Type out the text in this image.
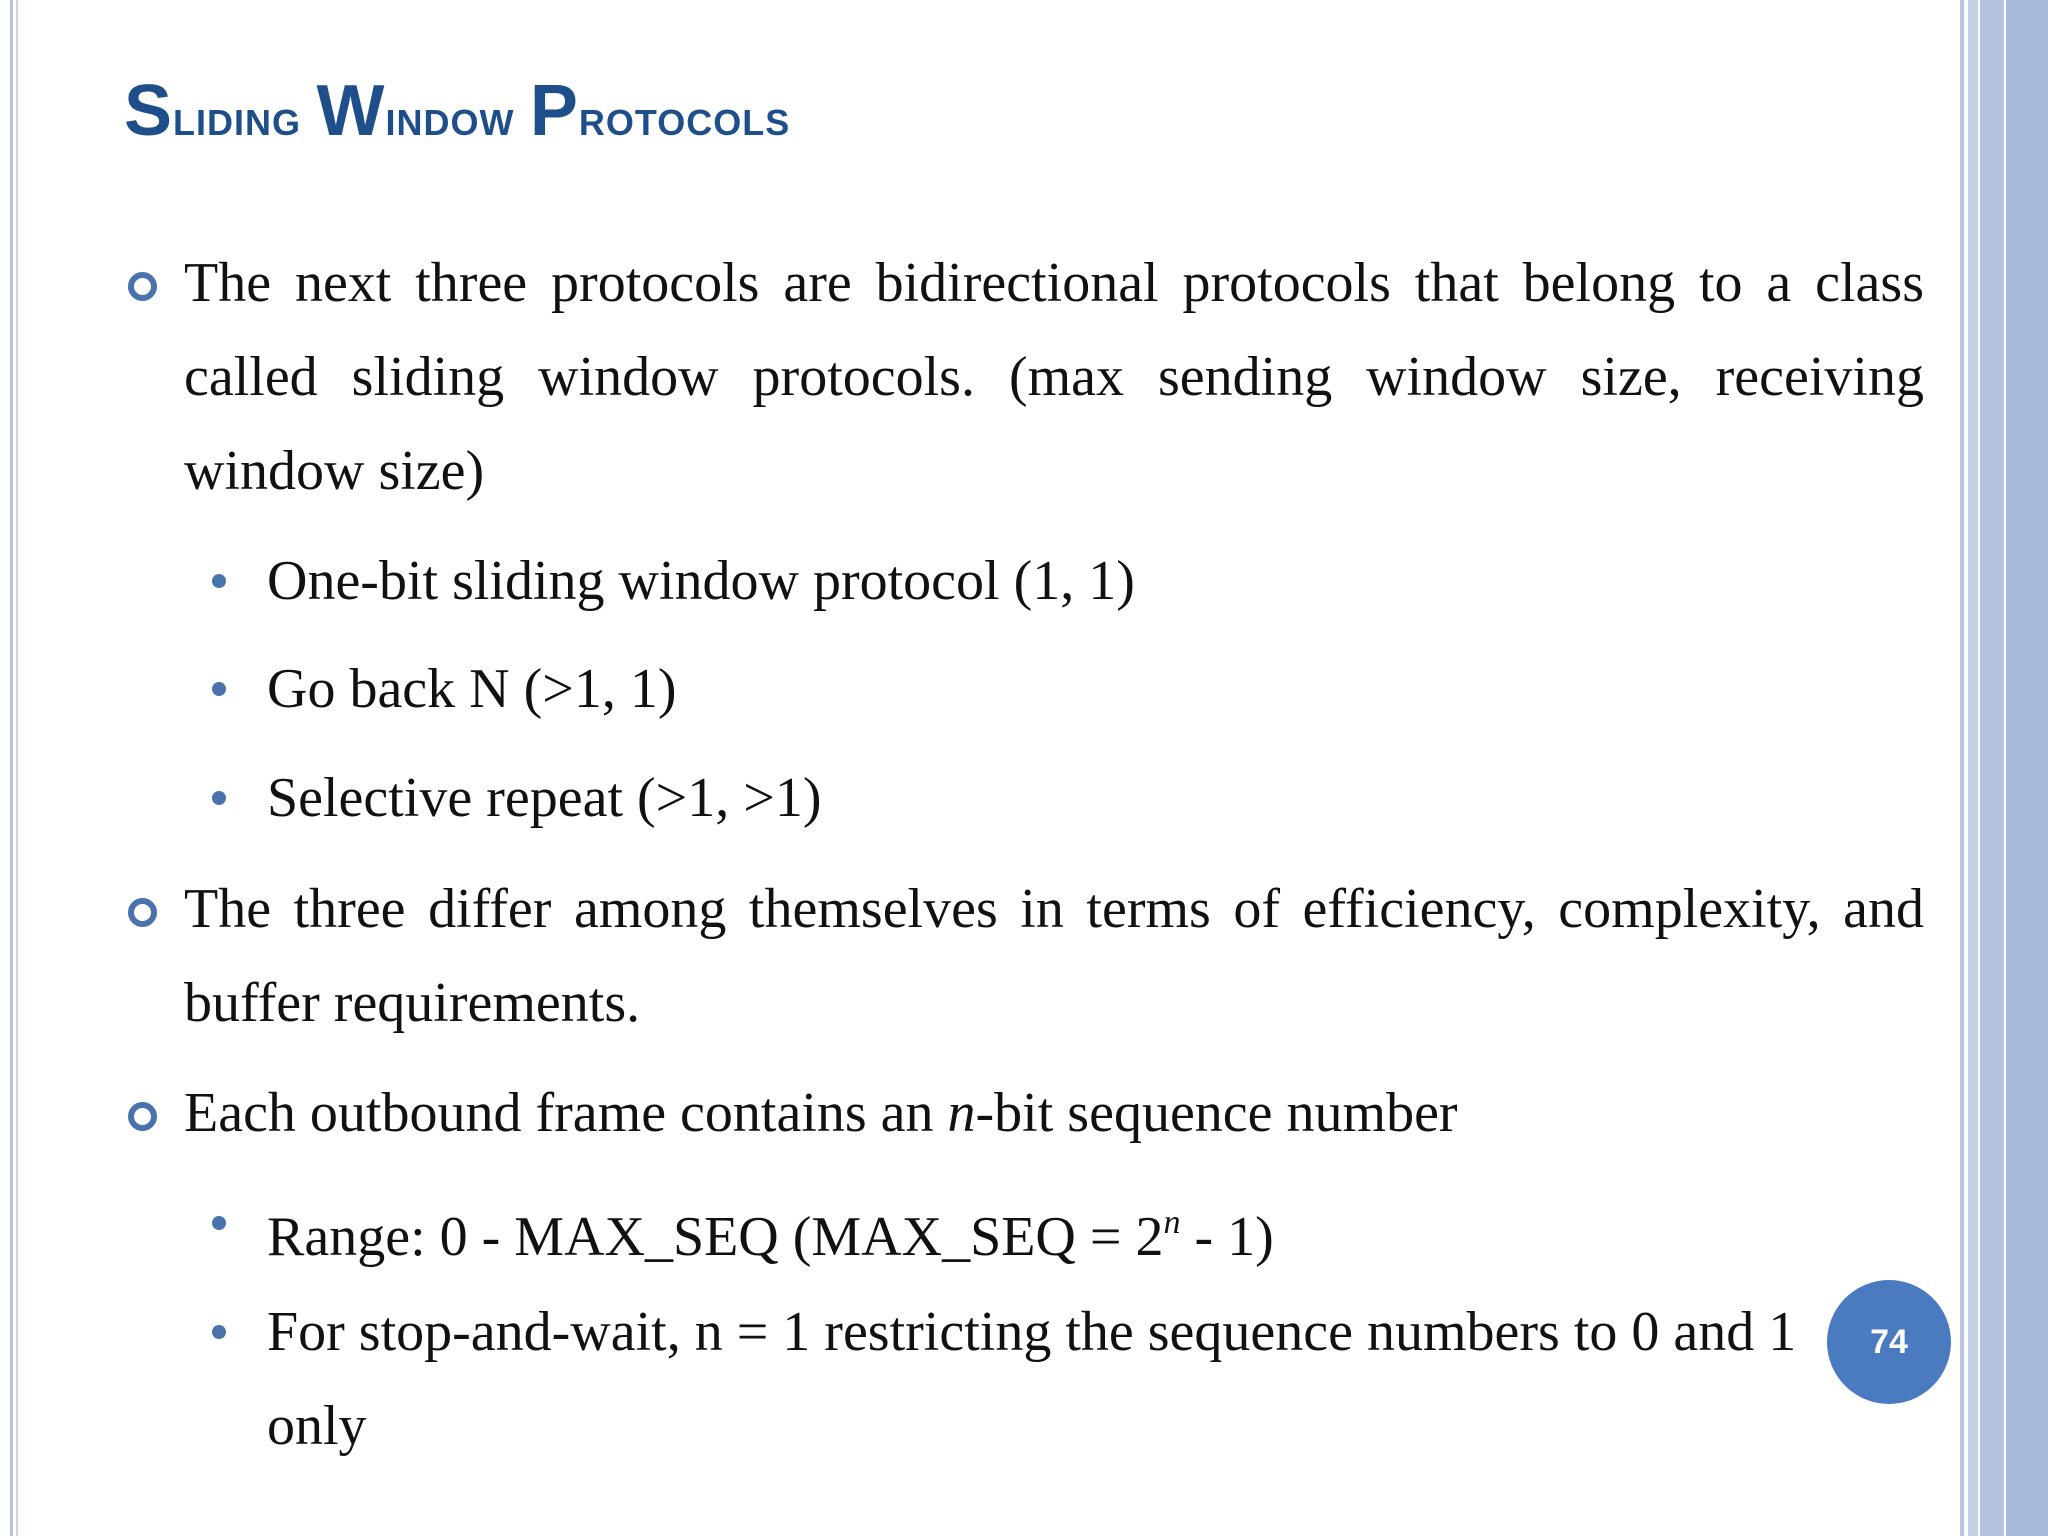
Sliding Window Protocols

The next three protocols are bidirectional protocols that belong to a class called sliding window protocols. (max sending window size, receiving window size)

One-bit sliding window protocol (1, 1)

Go back N (>1, 1)

Selective repeat (>1, >1)

The three differ among themselves in terms of efficiency, complexity, and buffer requirements.

Each outbound frame contains an n-bit sequence number

Range: 0 - MAX_SEQ (MAX_SEQ = $2^n - 1$)

For stop-and-wait, n = 1 restricting the sequence numbers to 0 and 1 only

74
